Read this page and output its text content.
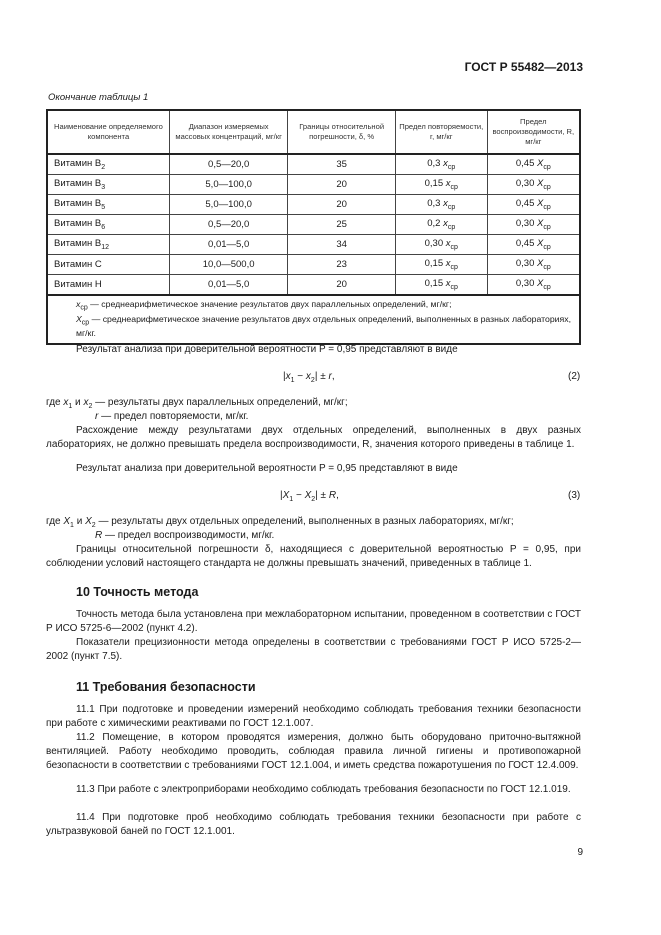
ГОСТ Р 55482—2013
Окончание таблицы 1
Наименование определяемого компонента	Диапазон измеряемых массовых концентраций, мг/кг	Границы относительной погрешности, δ, %	Предел повторяемости, r, мг/кг	Предел воспроизводимости, R, мг/кг
Витамин $B_2$	0,5—20,0	35	0,3 $x_{ср}$	0,45 $X_{ср}$
Витамин $B_3$	5,0—100,0	20	0,15 $x_{ср}$	0,30 $X_{ср}$
Витамин $B_5$	5,0—100,0	20	0,3 $x_{ср}$	0,45 $X_{ср}$
Витамин $B_6$	0,5—20,0	25	0,2 $x_{ср}$	0,30 $X_{ср}$
Витамин $B_{12}$	0,01—5,0	34	0,30 $x_{ср}$	0,45 $X_{ср}$
Витамин C	10,0—500,0	23	0,15 $x_{ср}$	0,30 $X_{ср}$
Витамин H	0,01—5,0	20	0,15 $x_{ср}$	0,30 $X_{ср}$

$x_{ср}$ — среднеарифметическое значение результатов двух параллельных определений, мг/кг;
$X_{ср}$ — среднеарифметическое значение результатов двух отдельных определений, выполненных в разных лабораториях, мг/кг.				
Результат анализа при доверительной вероятности P = 0,95 представляют в виде
$|x_1 - x_2| \pm r$,	(2)
где $x_1$ и $x_2$ — результаты двух параллельных определений, мг/кг;
r — предел повторяемости, мг/кг.
Расхождение между результатами двух отдельных определений, выполненных в двух разных лабораториях, не должно превышать предела воспроизводимости, R, значения которого приведены в таблице 1.
Результат анализа при доверительной вероятности P = 0,95 представляют в виде
$|X_1 - X_2| \pm R$,	(3)
где $X_1$ и $X_2$ — результаты двух отдельных определений, выполненных в разных лабораториях, мг/кг;
R — предел воспроизводимости, мг/кг.
Границы относительной погрешности δ, находящиеся с доверительной вероятностью P = 0,95, при соблюдении условий настоящего стандарта не должны превышать значений, приведенных в таблице 1.
10 Точность метода
Точность метода была установлена при межлабораторном испытании, проведенном в соответствии с ГОСТ Р ИСО 5725-6—2002 (пункт 4.2).
Показатели прецизионности метода определены в соответствии с требованиями ГОСТ Р ИСО 5725-2—2002 (пункт 7.5).
11 Требования безопасности
11.1 При подготовке и проведении измерений необходимо соблюдать требования техники безопасности при работе с химическими реактивами по ГОСТ 12.1.007.
11.2 Помещение, в котором проводятся измерения, должно быть оборудовано приточно-вытяжной вентиляцией. Работу необходимо проводить, соблюдая правила личной гигиены и противопожарной безопасности в соответствии с требованиями ГОСТ 12.1.004, и иметь средства пожаротушения по ГОСТ 12.4.009.
11.3 При работе с электроприборами необходимо соблюдать требования безопасности по ГОСТ 12.1.019.
11.4 При подготовке проб необходимо соблюдать требования техники безопасности при работе с ультразвуковой баней по ГОСТ 12.1.001.
9
